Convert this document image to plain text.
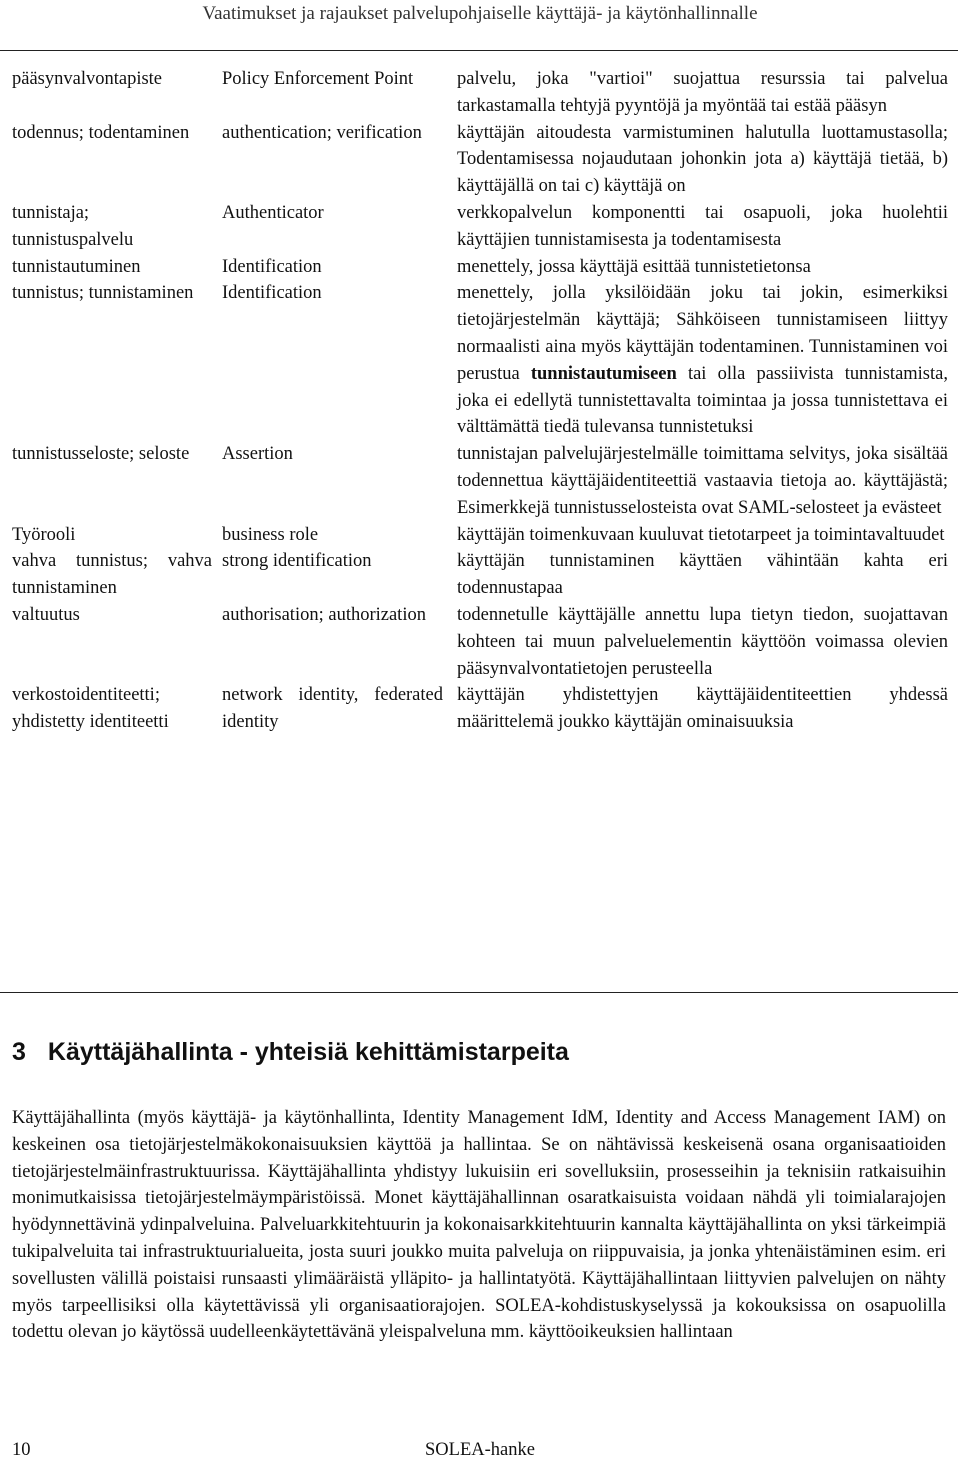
Vaatimukset ja rajaukset palvelupohjaiselle käyttäjä- ja käytönhallinnalle
pääsynvalvontapiste	Policy Enforcement Point	palvelu, joka "vartioi" suojattua resurssia tai palvelua tarkastamalla tehtyjä pyyntöjä ja myöntää tai estää pääsyn
todennus; todentaminen	authentication; verification	käyttäjän aitoudesta varmistuminen halutulla luottamustasolla; Todentamisessa nojaudutaan johonkin jota a) käyttäjä tietää, b) käyttäjällä on tai c) käyttäjä on
tunnistaja; tunnistuspalvelu	Authenticator	verkkopalvelun komponentti tai osapuoli, joka huolehtii käyttäjien tunnistamisesta ja todentamisesta
tunnistautuminen	Identification	menettely, jossa käyttäjä esittää tunnistetietonsa
tunnistus; tunnistaminen	Identification	menettely, jolla yksilöidään joku tai jokin, esimerkiksi tietojärjestelmän käyttäjä; Sähköiseen tunnistamiseen liittyy normaalisti aina myös käyttäjän todentaminen. Tunnistaminen voi perustua tunnistautumiseen tai olla passiivista tunnistamista, joka ei edellytä tunnistettavalta toimintaa ja jossa tunnistettava ei välttämättä tiedä tulevansa tunnistetuksi
tunnistusseloste; seloste	Assertion	tunnistajan palvelujärjestelmälle toimittama selvitys, joka sisältää todennettua käyttäjäidentiteettiä vastaavia tietoja ao. käyttäjästä; Esimerkkejä tunnistusselosteista ovat SAML-selosteet ja evästeet
Työrooli	business role	käyttäjän toimenkuvaan kuuluvat tietotarpeet ja toimintavaltuudet
vahva tunnistus; vahva tunnistaminen	strong identification	käyttäjän tunnistaminen käyttäen vähintään kahta eri todennustapaa
valtuutus	authorisation; authorization	todennetulle käyttäjälle annettu lupa tietyn tiedon, suojattavan kohteen tai muun palveluelementin käyttöön voimassa olevien pääsynvalvontatietojen perusteella
verkostoidentiteetti; yhdistetty identiteetti	network identity, federated identity	käyttäjän yhdistettyjen käyttäjäidentiteettien yhdessä määrittelemä joukko käyttäjän ominaisuuksia
3 Käyttäjähallinta - yhteisiä kehittämistarpeita
Käyttäjähallinta (myös käyttäjä- ja käytönhallinta, Identity Management IdM, Identity and Access Management IAM) on keskeinen osa tietojärjestelmäkokonaisuuksien käyttöä ja hallintaa. Se on nähtävissä keskeisenä osana organisaatioiden tietojärjestelmäinfrastruktuurissa. Käyttäjähallinta yhdistyy lukuisiin eri sovelluksiin, prosesseihin ja teknisiin ratkaisuihin monimutkaisissa tietojärjestelmäympäristöissä. Monet käyttäjähallinnan osaratkaisuista voidaan nähdä yli toimialarajojen hyödynnettävinä ydinpalveluina. Palveluarkkitehtuurin ja kokonaisarkkitehtuurin kannalta käyttäjähallinta on yksi tärkeimpiä tukipalveluita tai infrastruktuurialueita, josta suuri joukko muita palveluja on riippuvaisia, ja jonka yhtenäistäminen esim. eri sovellusten välillä poistaisi runsaasti ylimääräistä ylläpito- ja hallintatyötä. Käyttäjähallintaan liittyvien palvelujen on nähty myös tarpeellisiksi olla käytettävissä yli organisaatiorajojen. SOLEA-kohdistuskyselyssä ja kokouksissa on osapuolilla todettu olevan jo käytössä uudelleenkäytettävänä yleispalveluna mm. käyttöoikeuksien hallintaan
10	SOLEA-hanke
